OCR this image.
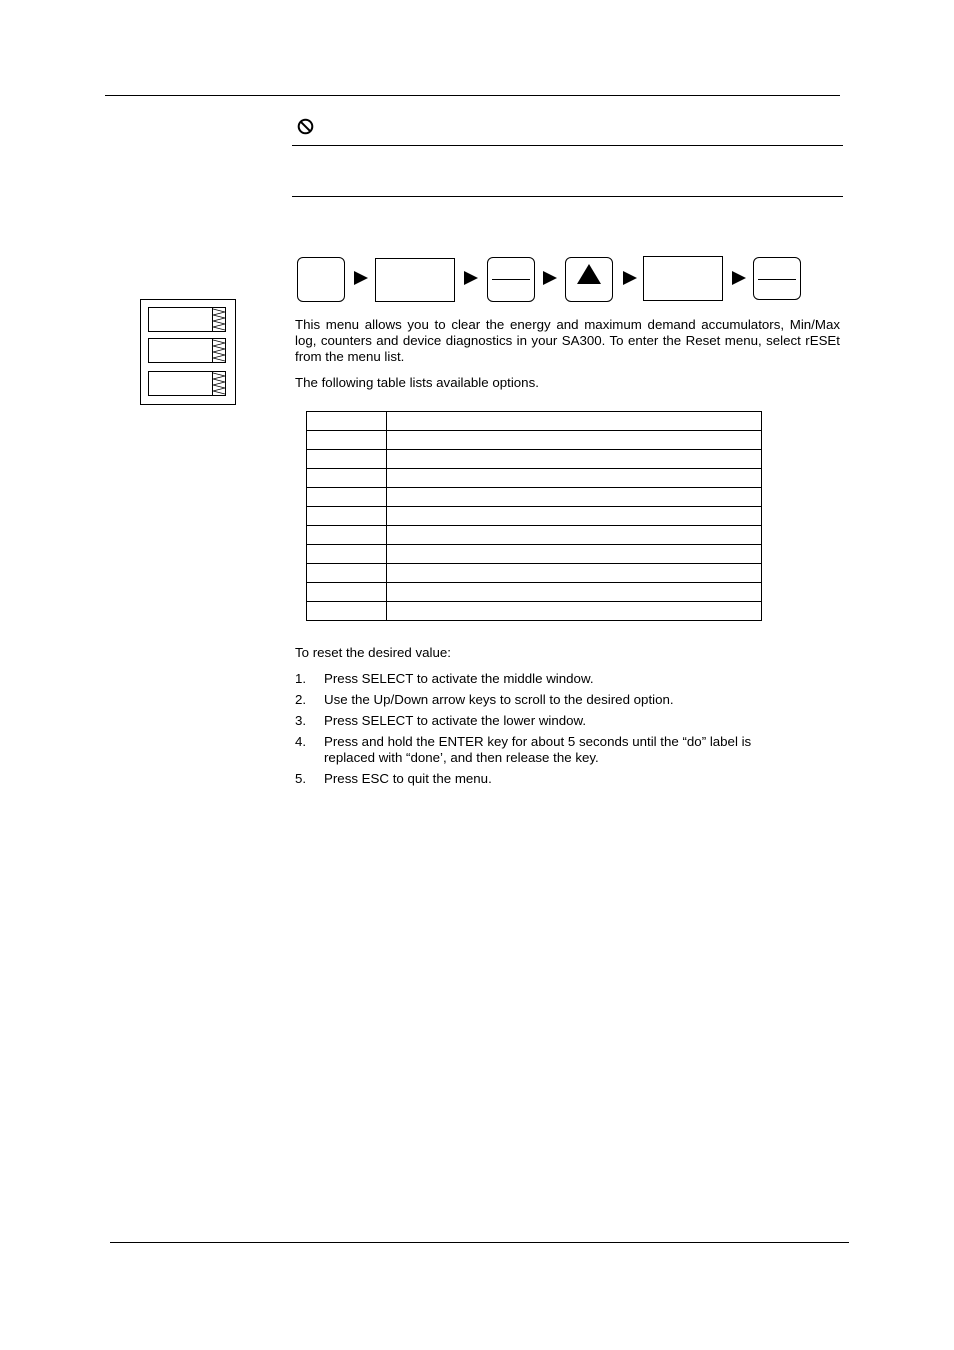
This menu allows you to clear the energy and maximum demand accumulators, Min/Max log, counters and device diagnostics in your SA300. To enter the Reset menu, select rESEt from the menu list.

The following table lists available options.

To reset the desired value:

1. Press SELECT to activate the middle window.
2. Use the Up/Down arrow keys to scroll to the desired option.
3. Press SELECT to activate the lower window.
4. Press and hold the ENTER key for about 5 seconds until the “do” label is replaced with “done’, and then release the key.
5. Press ESC to quit the menu.
